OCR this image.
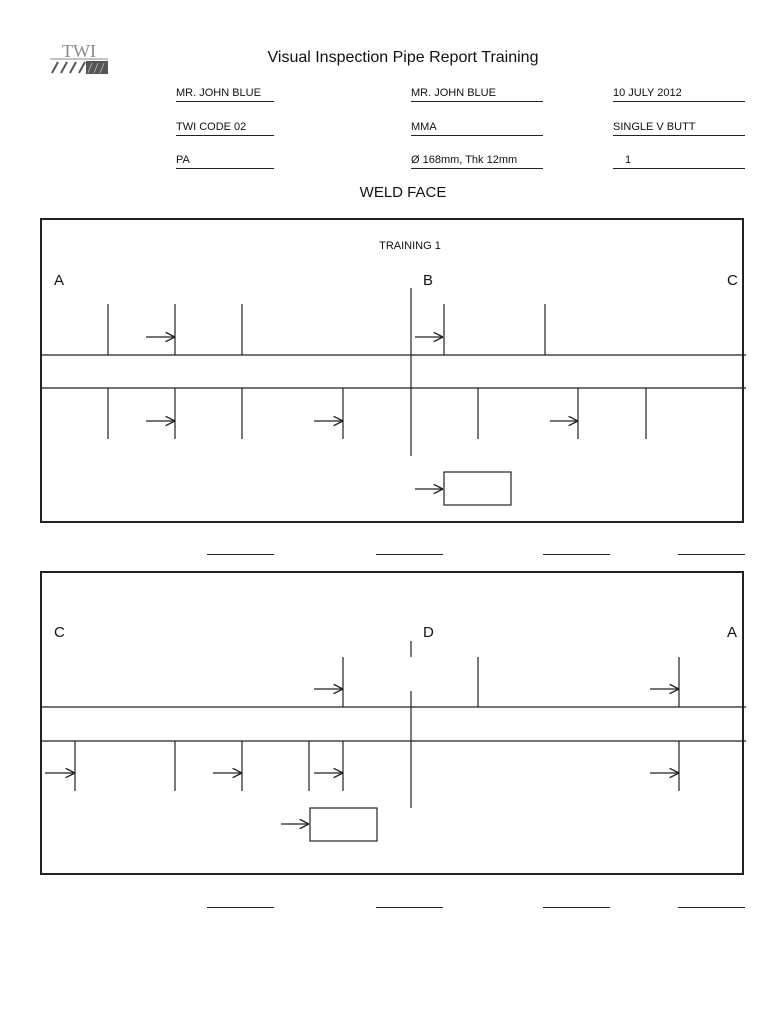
TWI	Visual Inspection Pipe Report Training
MR. JOHN BLUE	MR. JOHN BLUE	10 JULY 2012
TWI CODE 02	MMA	SINGLE V BUTT
PA	Ø 168mm, Thk 12mm	1
WELD FACE
TRAINING 1
A	B	C
C	D	A
